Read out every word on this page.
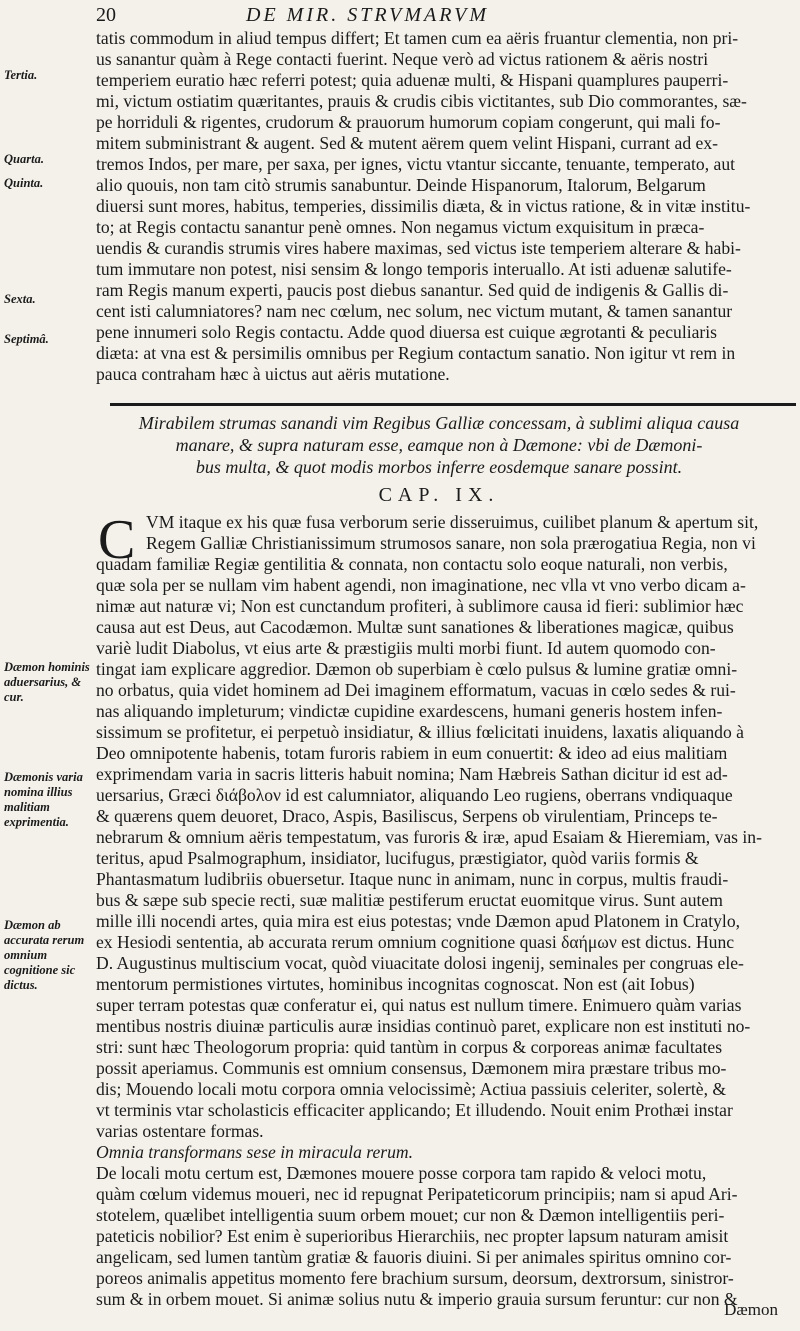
20	DE MIR. STRVMARVM
Tertia.
Quarta.
Quinta.
Sexta.
Septimâ.
Dæmon hominis aduersarius, & cur.
Dæmonis varia nomina illius malitiam exprimentia.
Dæmon ab accurata rerum omnium cognitione sic dictus.
tatis commodum in aliud tempus differt; Et tamen cum ea aëris fruantur clementia, non pri-
us sanantur quàm à Rege contacti fuerint. Neque verò ad victus rationem & aëris nostri
temperiem euratio hæc referri potest; quia aduenæ multi, & Hispani quamplures pauperri-
mi, victum ostiatim quæritantes, prauis & crudis cibis victitantes, sub Dio commorantes, sæ-
pe horriduli & rigentes, crudorum & prauorum humorum copiam congerunt, qui mali fo-
mitem subministrant & augent. Sed & mutent aërem quem velint Hispani, currant ad ex-
tremos Indos, per mare, per saxa, per ignes, victu vtantur siccante, tenuante, temperato, aut
alio quouis, non tam citò strumis sanabuntur. Deinde Hispanorum, Italorum, Belgarum
diuersi sunt mores, habitus, temperies, dissimilis diæta, & in victus ratione, & in vitæ institu-
to; at Regis contactu sanantur penè omnes. Non negamus victum exquisitum in præca-
uendis & curandis strumis vires habere maximas, sed victus iste temperiem alterare & habi-
tum immutare non potest, nisi sensim & longo temporis interuallo. At isti aduenæ salutife-
ram Regis manum experti, paucis post diebus sanantur. Sed quid de indigenis & Gallis di-
cent isti calumniatores? nam nec cœlum, nec solum, nec victum mutant, & tamen sanantur
pene innumeri solo Regis contactu. Adde quod diuersa est cuique ægrotanti & peculiaris
diæta: at vna est & persimilis omnibus per Regium contactum sanatio. Non igitur vt rem in
pauca contraham hæc à uictus aut aëris mutatione.
Mirabilem strumas sanandi vim Regibus Galliæ concessam, à sublimi aliqua causa
manare, & supra naturam esse, eamque non à Dæmone: vbi de Dæmoni-
bus multa, & quot modis morbos inferre eosdemque sanare possint.
CAP. IX.
C VM itaque ex his quæ fusa verborum serie disseruimus, cuilibet planum & apertum sit,
Regem Galliæ Christianissimum strumosos sanare, non sola prærogatiua Regia, non vi
quadam familiæ Regiæ gentilitia & connata, non contactu solo eoque naturali, non verbis,
quæ sola per se nullam vim habent agendi, non imaginatione, nec vlla vt vno verbo dicam a-
nimæ aut naturæ vi; Non est cunctandum profiteri, à sublimore causa id fieri: sublimior hæc
causa aut est Deus, aut Cacodæmon. Multæ sunt sanationes & liberationes magicæ, quibus
variè ludit Diabolus, vt eius arte & præstigiis multi morbi fiunt. Id autem quomodo con-
tingat iam explicare aggredior. Dæmon ob superbiam è cœlo pulsus & lumine gratiæ omni-
no orbatus, quia videt hominem ad Dei imaginem efformatum, vacuas in cœlo sedes & rui-
nas aliquando impleturum; vindictæ cupidine exardescens, humani generis hostem infen-
sissimum se profitetur, ei perpetuò insidiatur, & illius fœlicitati inuidens, laxatis aliquando à
Deo omnipotente habenis, totam furoris rabiem in eum conuertit: & ideo ad eius malitiam
exprimendam varia in sacris litteris habuit nomina; Nam Hæbreis Sathan dicitur id est ad-
uersarius, Græci διάβολον id est calumniator, aliquando Leo rugiens, oberrans vndiquaque
& quærens quem deuoret, Draco, Aspis, Basiliscus, Serpens ob virulentiam, Princeps te-
nebrarum & omnium aëris tempestatum, vas furoris & iræ, apud Esaiam & Hieremiam, vas in-
teritus, apud Psalmographum, insidiator, lucifugus, præstigiator, quòd variis formis &
Phantasmatum ludibriis obuersetur. Itaque nunc in animam, nunc in corpus, multis fraudi-
bus & sæpe sub specie recti, suæ malitiæ pestiferum eructat euomitque virus. Sunt autem
mille illi nocendi artes, quia mira est eius potestas; vnde Dæmon apud Platonem in Cratylo,
ex Hesiodi sententia, ab accurata rerum omnium cognitione quasi δαήμων est dictus. Hunc
D. Augustinus multiscium vocat, quòd viuacitate dolosi ingenij, seminales per congruas ele-
mentorum permistiones virtutes, hominibus incognitas cognoscat. Non est (ait Iobus)
super terram potestas quæ conferatur ei, qui natus est nullum timere. Enimuero quàm varias
mentibus nostris diuinæ particulis auræ insidias continuò paret, explicare non est instituti no-
stri: sunt hæc Theologorum propria: quid tantùm in corpus & corporeas animæ facultates
possit aperiamus. Communis est omnium consensus, Dæmonem mira præstare tribus mo-
dis; Mouendo locali motu corpora omnia velocissimè; Actiua passiuis celeriter, solertè, &
vt terminis vtar scholasticis efficaciter applicando; Et illudendo. Nouit enim Prothæi instar
varias ostentare formas.
Omnia transformans sese in miracula rerum.
De locali motu certum est, Dæmones mouere posse corpora tam rapido & veloci motu,
quàm cœlum videmus moueri, nec id repugnat Peripateticorum principiis; nam si apud Ari-
stotelem, quælibet intelligentia suum orbem mouet; cur non & Dæmon intelligentiis peri-
pateticis nobilior? Est enim è superioribus Hierarchiis, nec propter lapsum naturam amisit
angelicam, sed lumen tantùm gratiæ & fauoris diuini. Si per animales spiritus omnino cor-
poreos animalis appetitus momento fere brachium sursum, deorsum, dextrorsum, sinistror-
sum & in orbem mouet. Si animæ solius nutu & imperio grauia sursum feruntur: cur non &
Dæmon
